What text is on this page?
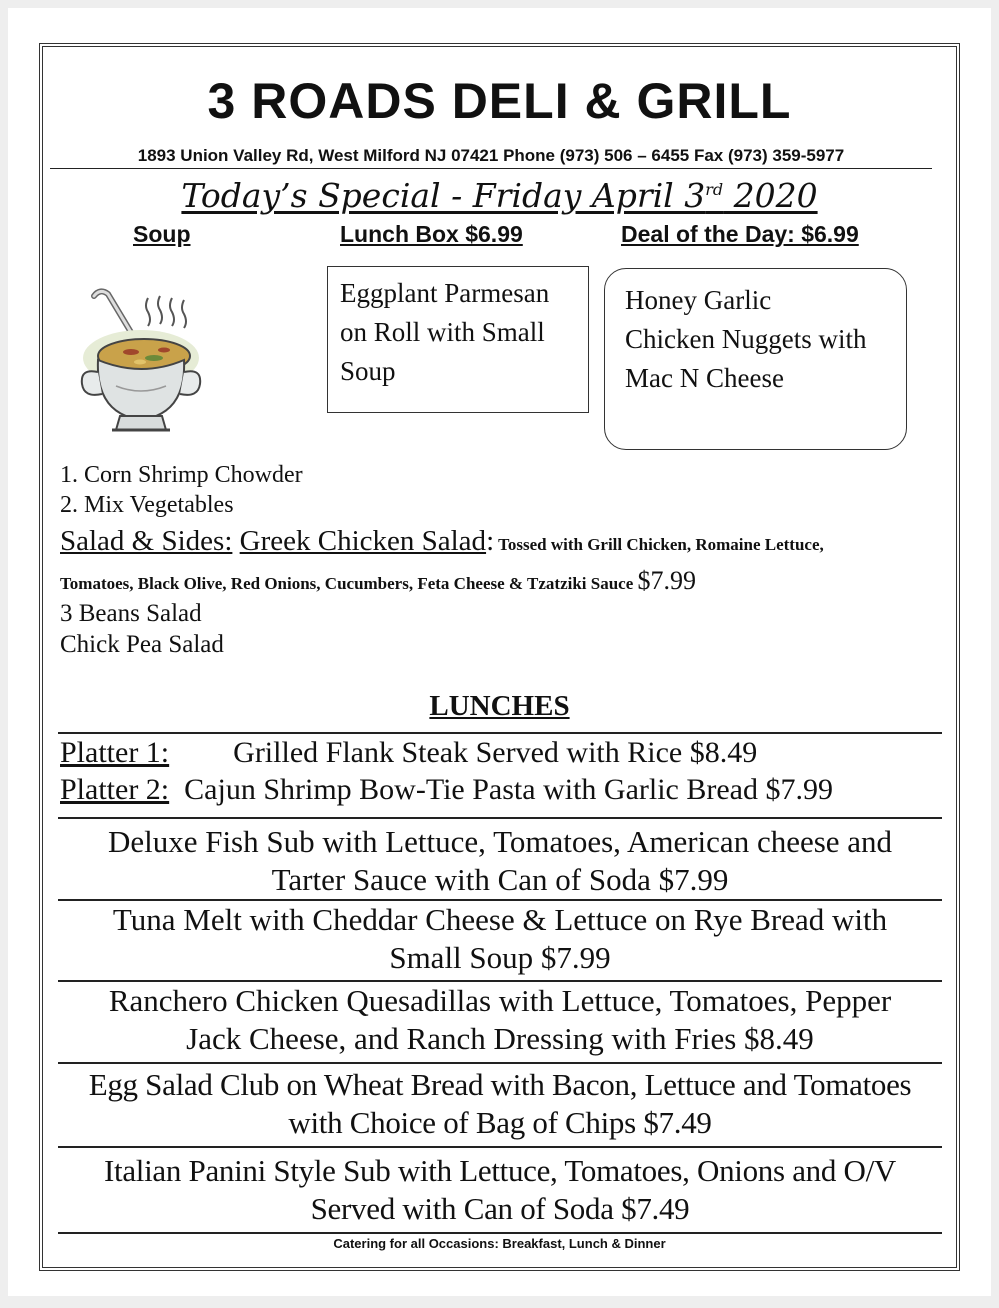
3 ROADS DELI & GRILL
1893 Union Valley Rd, West Milford NJ 07421 Phone (973) 506 – 6455 Fax (973) 359-5977
Today’s Special - Friday April 3rd 2020
Soup	Lunch Box $6.99	Deal of the Day: $6.99
Eggplant Parmesan
on Roll with Small
Soup
Honey Garlic
Chicken Nuggets with
Mac N Cheese
1. Corn Shrimp Chowder
2. Mix Vegetables
Salad & Sides: Greek Chicken Salad: Tossed with Grill Chicken, Romaine Lettuce,
Tomatoes, Black Olive, Red Onions, Cucumbers, Feta Cheese & Tzatziki Sauce $7.99
3 Beans Salad
Chick Pea Salad
LUNCHES
Platter 1: Grilled Flank Steak Served with Rice $8.49
Platter 2: Cajun Shrimp Bow-Tie Pasta with Garlic Bread $7.99
Deluxe Fish Sub with Lettuce, Tomatoes, American cheese and
Tarter Sauce with Can of Soda $7.99
Tuna Melt with Cheddar Cheese & Lettuce on Rye Bread with
Small Soup $7.99
Ranchero Chicken Quesadillas with Lettuce, Tomatoes, Pepper
Jack Cheese, and Ranch Dressing with Fries $8.49
Egg Salad Club on Wheat Bread with Bacon, Lettuce and Tomatoes
with Choice of Bag of Chips $7.49
Italian Panini Style Sub with Lettuce, Tomatoes, Onions and O/V
Served with Can of Soda $7.49
Catering for all Occasions: Breakfast, Lunch & Dinner
